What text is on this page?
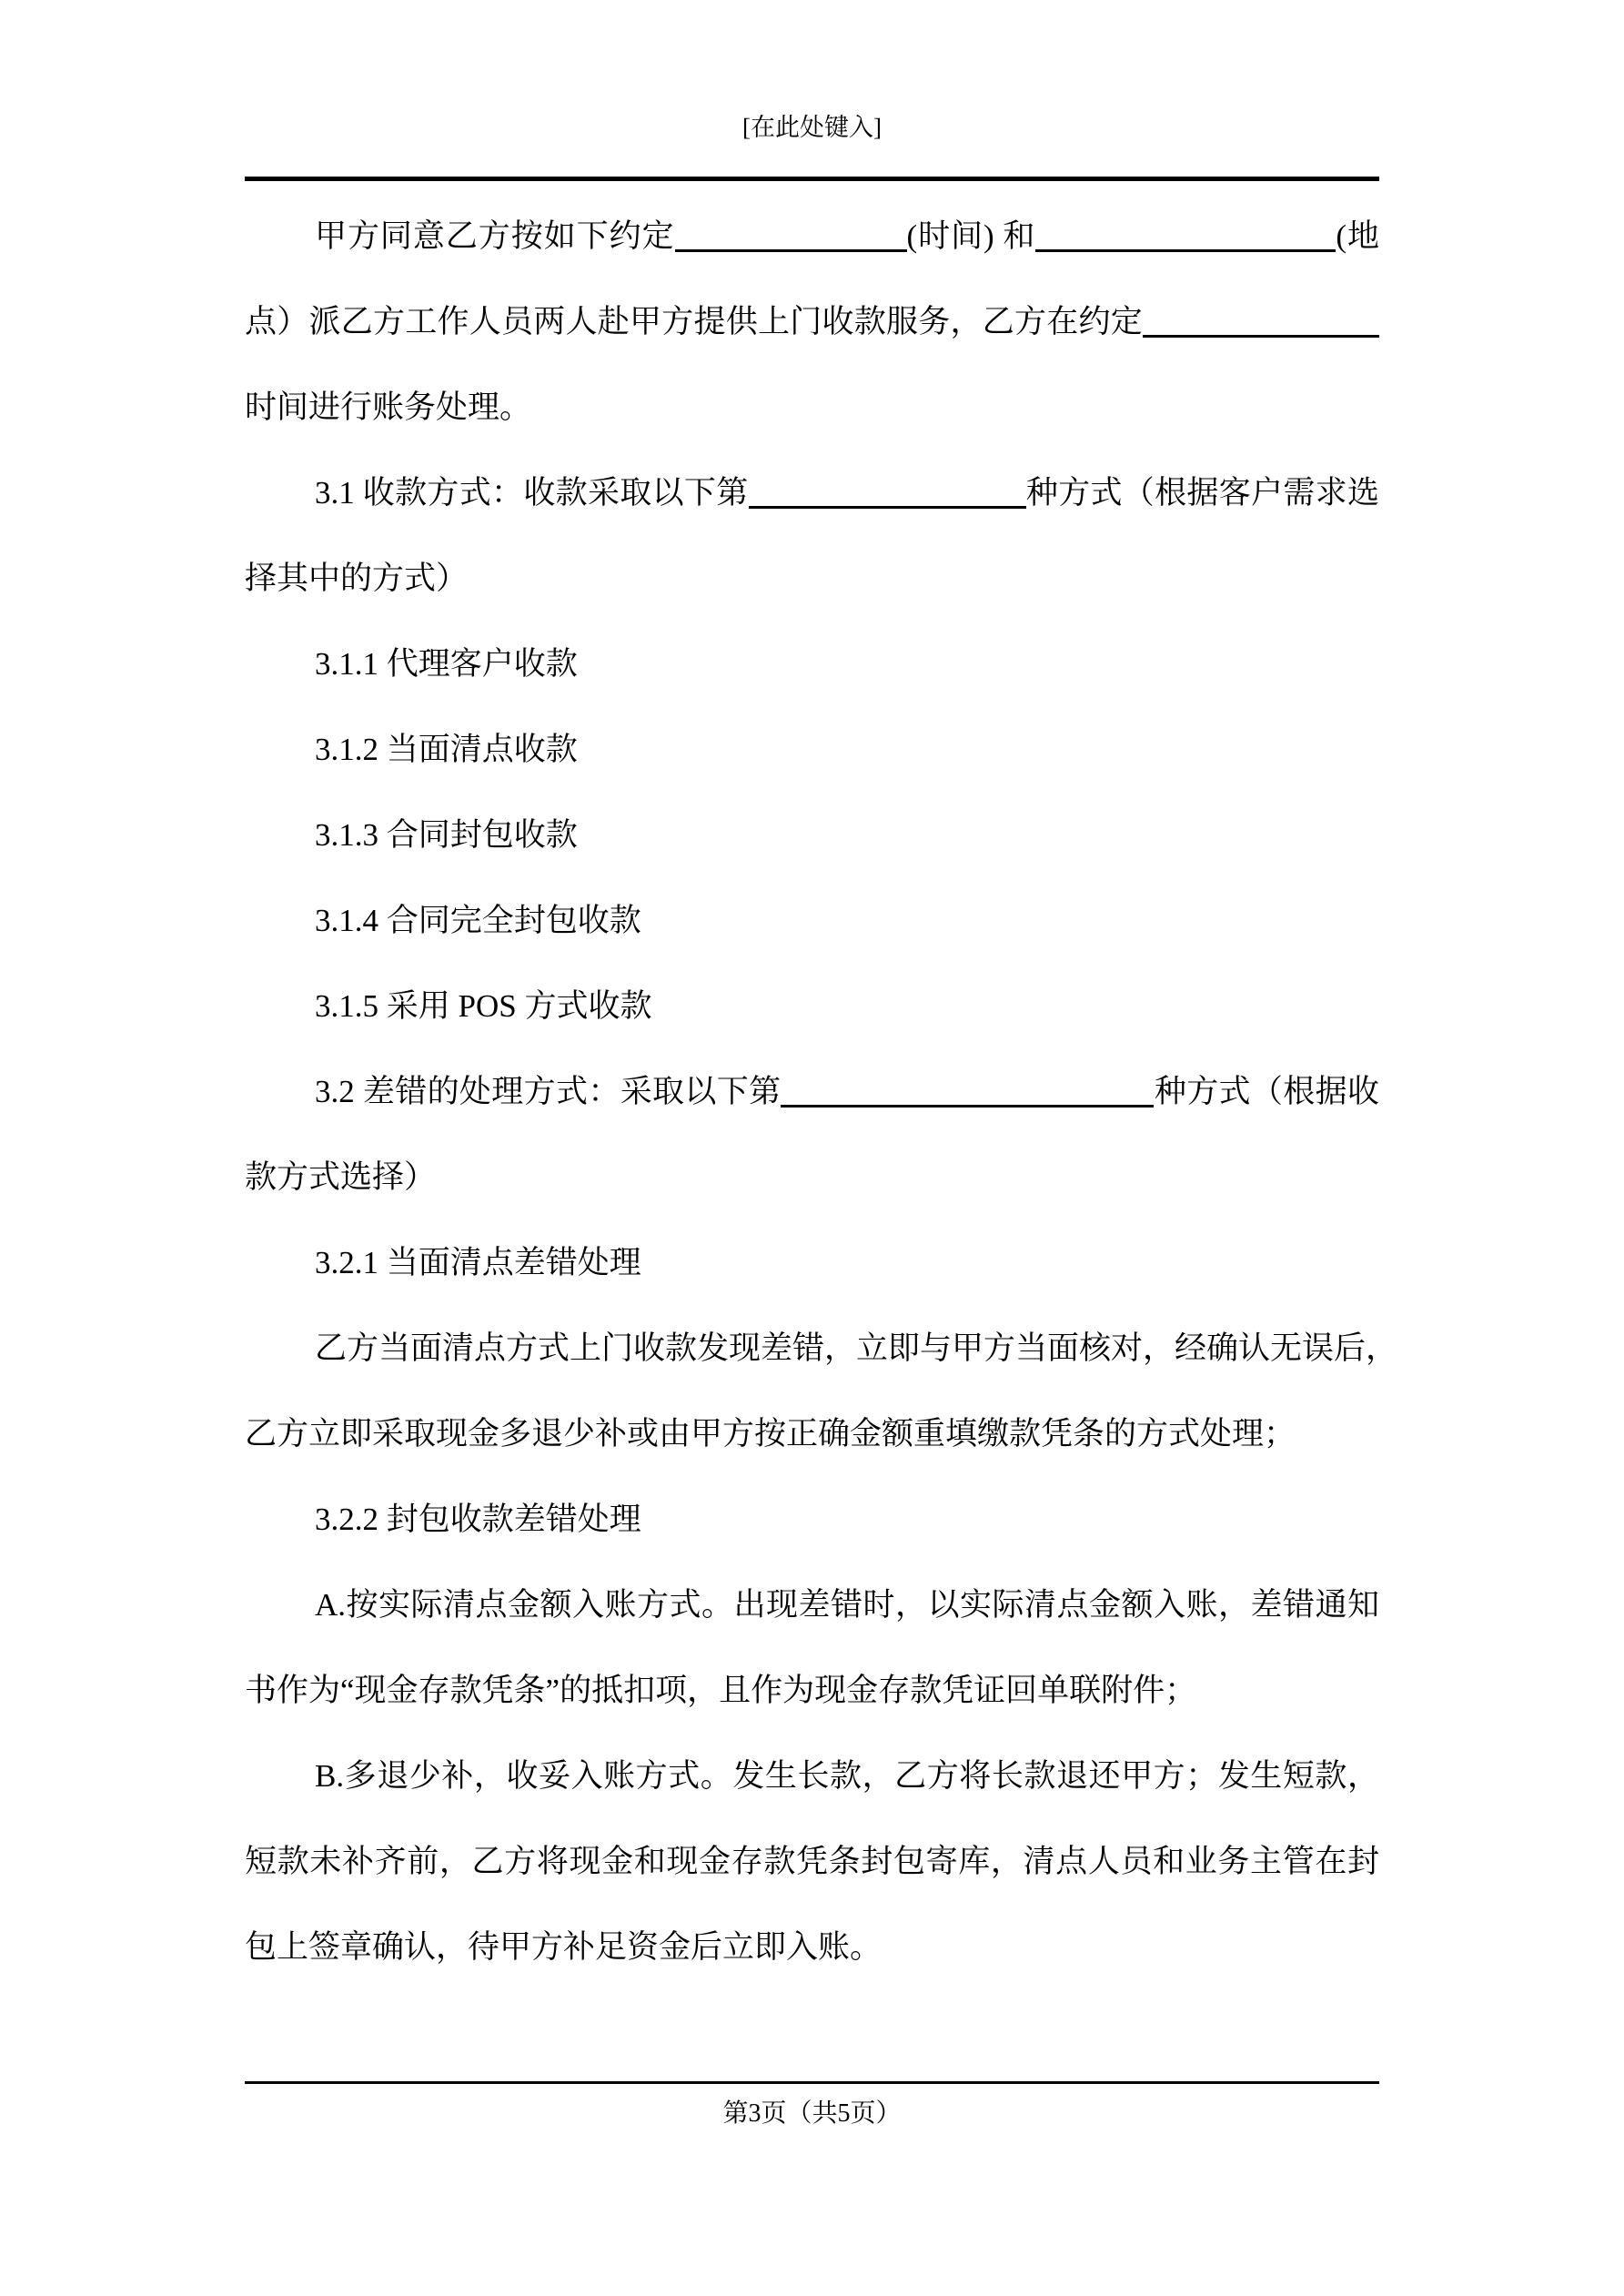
[在此处键入]
甲方同意乙方按如下约定	(时间) 和	(地
点）派乙方工作人员两人赴甲方提供上门收款服务，乙方在约定
时间进行账务处理。
3.1 收款方式：收款采取以下第	种方式（根据客户需求选
择其中的方式）
3.1.1 代理客户收款
3.1.2 当面清点收款
3.1.3 合同封包收款
3.1.4 合同完全封包收款
3.1.5 采用 POS 方式收款
3.2 差错的处理方式：采取以下第	种方式（根据收
款方式选择）
3.2.1 当面清点差错处理
乙方当面清点方式上门收款发现差错，立即与甲方当面核对，经确认无误后，
乙方立即采取现金多退少补或由甲方按正确金额重填缴款凭条的方式处理；
3.2.2 封包收款差错处理
A.按实际清点金额入账方式。出现差错时，以实际清点金额入账，差错通知
书作为“现金存款凭条”的抵扣项，且作为现金存款凭证回单联附件；
B.多退少补，收妥入账方式。发生长款，乙方将长款退还甲方；发生短款，
短款未补齐前，乙方将现金和现金存款凭条封包寄库，清点人员和业务主管在封
包上签章确认，待甲方补足资金后立即入账。
第3页（共5页）
